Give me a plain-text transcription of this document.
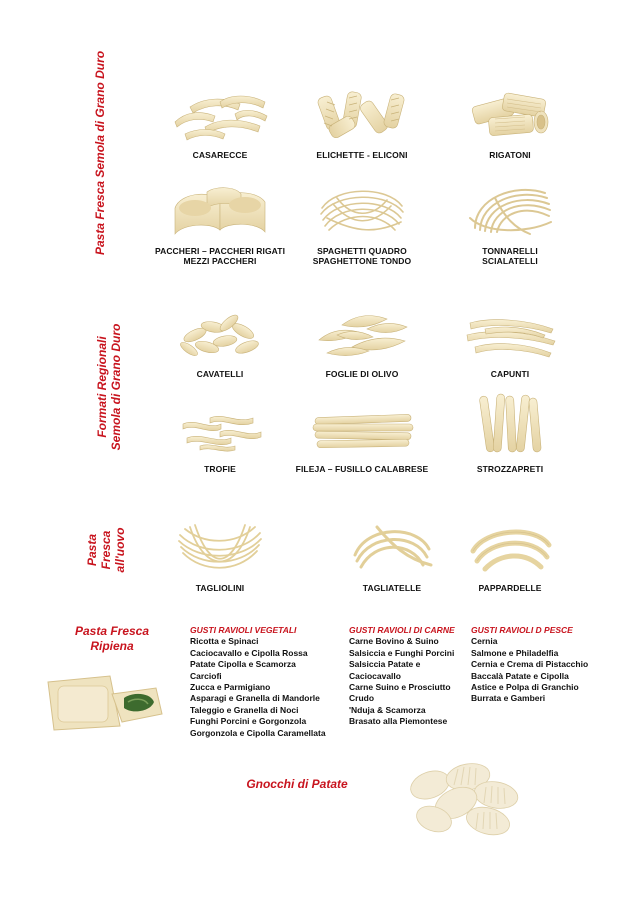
Pasta Fresca Semola di Grano Duro
Formati Regionali Semola di Grano Duro
Pasta Fresca all'uovo
CASARECCE	ELICHETTE - ELICONI	RIGATONI
PACCHERI – PACCHERI RIGATI
MEZZI PACCHERI
SPAGHETTI QUADRO
SPAGHETTONE TONDO
TONNARELLI
SCIALATELLI
CAVATELLI	FOGLIE DI OLIVO	CAPUNTI
TROFIE	FILEJA – FUSILLO CALABRESE	STROZZAPRETI
TAGLIOLINI	TAGLIATELLE	PAPPARDELLE
Pasta Fresca
Ripiena
GUSTI RAVIOLI VEGETALI
Ricotta e Spinaci
Caciocavallo e Cipolla Rossa
Patate Cipolla e Scamorza
Carciofi
Zucca e Parmigiano
Asparagi e Granella di Mandorle
Taleggio e Granella di Noci
Funghi Porcini e Gorgonzola
Gorgonzola e Cipolla Caramellata
GUSTI RAVIOLI DI CARNE
Carne Bovino & Suino
Salsiccia e Funghi Porcini
Salsiccia Patate e Caciocavallo
Carne Suino e Prosciutto Crudo
'Nduja & Scamorza
Brasato alla Piemontese
GUSTI RAVIOLI D PESCE
Cernia
Salmone e Philadelfia
Cernia e Crema di Pistacchio
Baccalà Patate e Cipolla
Astice e Polpa di Granchio
Burrata e Gamberi
Gnocchi di Patate
